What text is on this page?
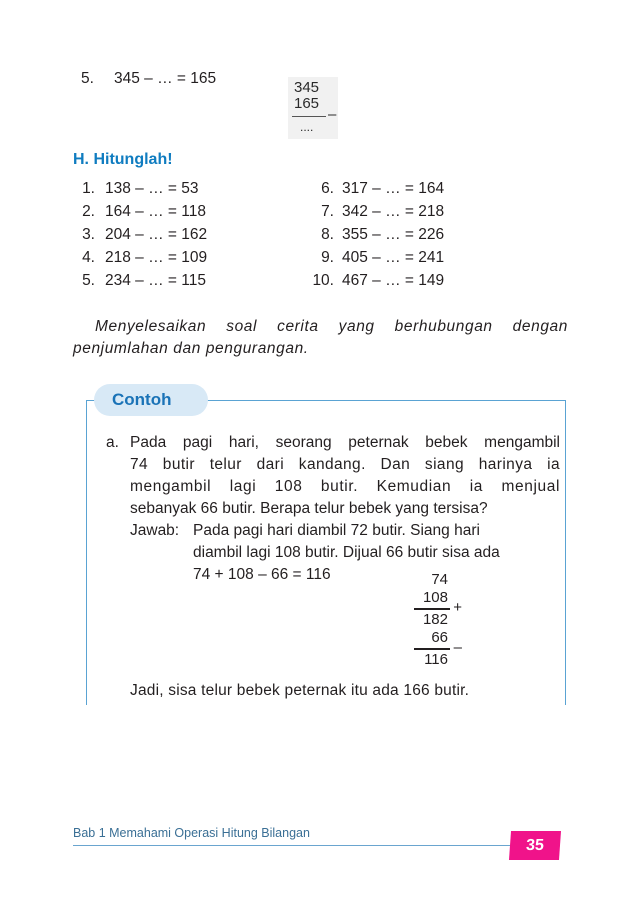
5. 345 – … = 165
345
165
–
....
H. Hitunglah!
1. 138 – … = 53
2. 164 – … = 118
3. 204 – … = 162
4. 218 – … = 109
5. 234 – … = 115
6. 317 – … = 164
7. 342 – … = 218
8. 355 – … = 226
9. 405 – … = 241
10. 467 – … = 149
Menyelesaikan soal cerita yang berhubungan dengan
penjumlahan dan pengurangan.
Contoh
a. Pada pagi hari, seorang peternak bebek mengambil
74 butir telur dari kandang. Dan siang harinya ia
mengambil lagi 108 butir. Kemudian ia menjual
sebanyak 66 butir. Berapa telur bebek yang tersisa?
Jawab: Pada pagi hari diambil 72 butir. Siang hari
diambil lagi 108 butir. Dijual 66 butir sisa ada
74 + 108 – 66 = 116	74
108
+
182
66
–
116
Jadi, sisa telur bebek peternak itu ada 166 butir.
Bab 1 Memahami Operasi Hitung Bilangan
35
